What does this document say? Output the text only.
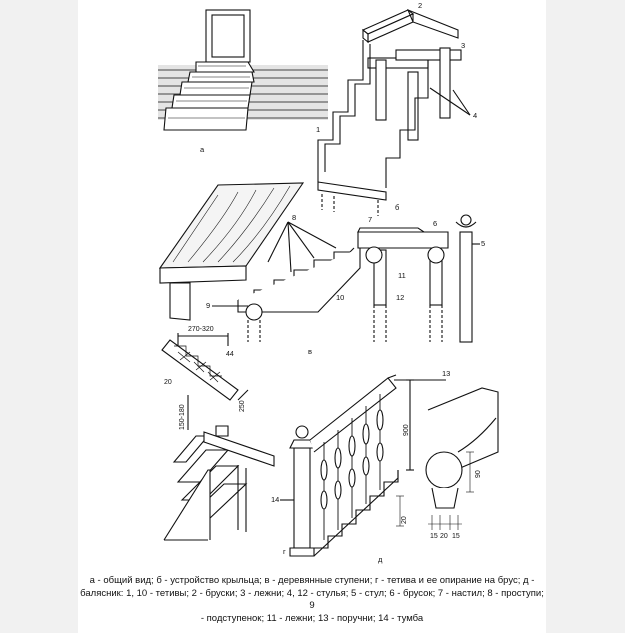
а
б
в
г
д
1
2
3
4
5
6
7
8
9
10
11
12
13
14
270-320
44
20
150-180	250
900
90
15 20 15
20
а - общий вид; б - устройство крыльца; в - деревянные ступени; г - тетива и ее опирание на брус; д -
балясник: 1, 10 - тетивы; 2 - бруски; 3 - лежни; 4, 12 - стулья; 5 - стул; 6 - брусок; 7 - настил; 8 - проступи; 9
- подступенок; 11 - лежни; 13 - поручни; 14 - тумба
